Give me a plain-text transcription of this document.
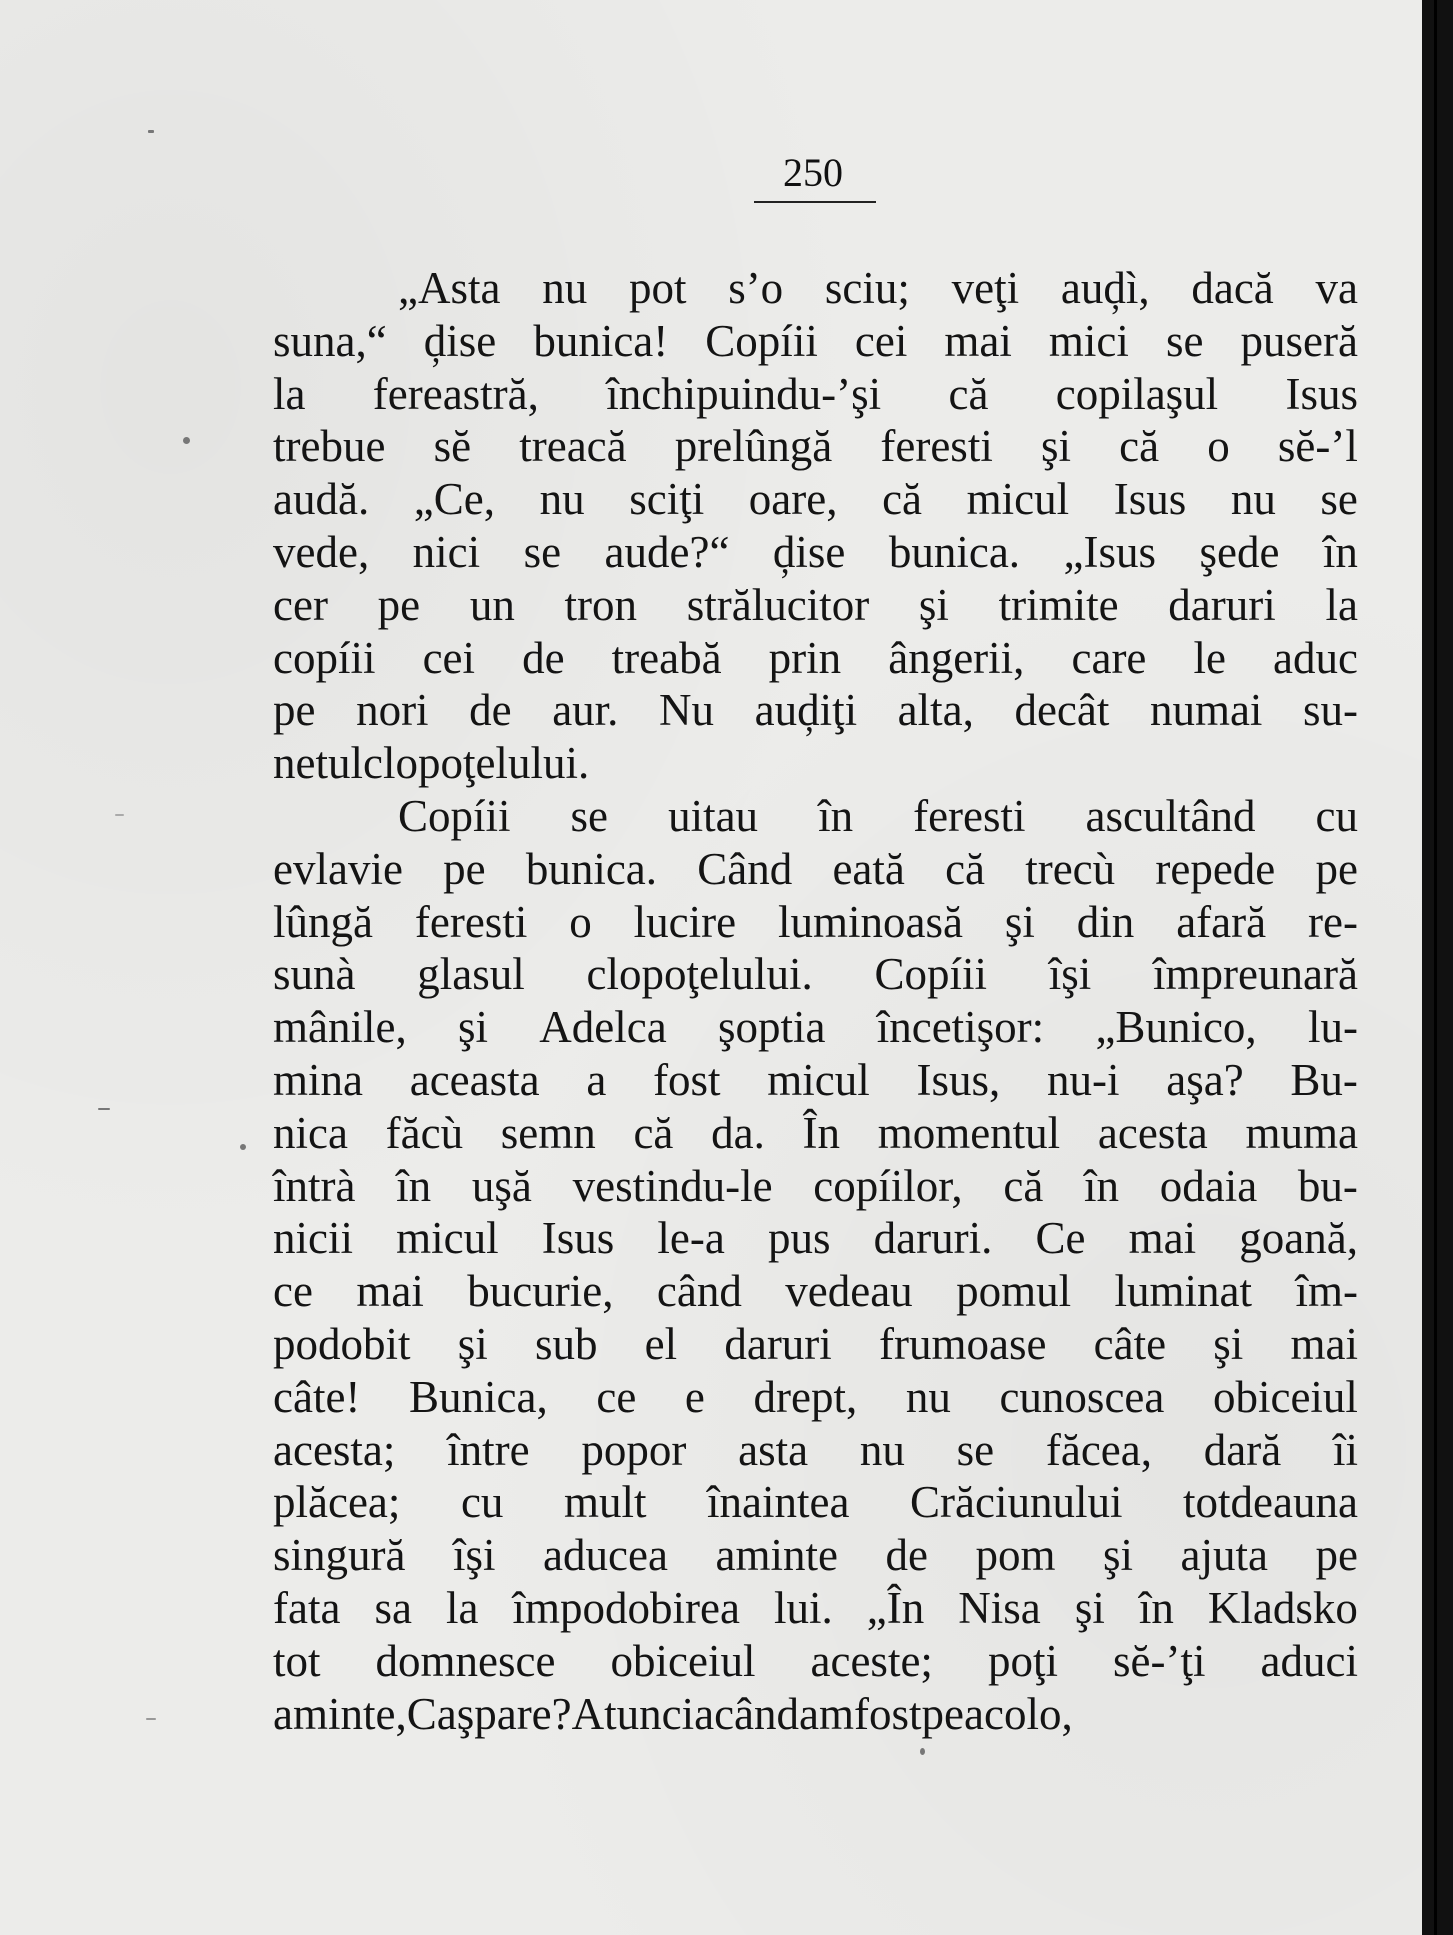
250
„Asta nu pot s’o sciu; veţi auḑì, dacă va
suna,“ ḑise bunica! Copíii cei mai mici se puseră
la fereastră, închipuindu-’şi că copilaşul Isus
trebue sĕ treacă prelûngă feresti şi că o sĕ-’l
audă. „Ce, nu sciţi oare, că micul Isus nu se
vede, nici se aude?“ ḑise bunica. „Isus şede în
cer pe un tron strălucitor şi trimite daruri la
copíii cei de treabă prin ângerii, care le aduc
pe nori de aur. Nu auḑiţi alta, decât numai su-
netul clopoţelului.
Copíii se uitau în feresti ascultând cu
evlavie pe bunica. Când eată că trecù repede pe
lûngă feresti o lucire luminoasă şi din afară re-
sunà glasul clopoţelului. Copíii îşi împreunară
mânile, şi Adelca şoptia încetişor: „Bunico, lu-
mina aceasta a fost micul Isus, nu-i aşa? Bu-
nica făcù semn că da. În momentul acesta muma
întrà în uşă vestindu-le copíilor, că în odaia bu-
nicii micul Isus le-a pus daruri. Ce mai goană,
ce mai bucurie, când vedeau pomul luminat îm-
podobit şi sub el daruri frumoase câte şi mai
câte! Bunica, ce e drept, nu cunoscea obiceiul
acesta; între popor asta nu se făcea, dară îi
plăcea; cu mult înaintea Crăciunului totdeauna
singură îşi aducea aminte de pom şi ajuta pe
fata sa la împodobirea lui. „În Nisa şi în Kladsko
tot domnesce obiceiul aceste; poţi sĕ-’ţi aduci
aminte, Caşpare? Atuncia când am fost pe acolo,
